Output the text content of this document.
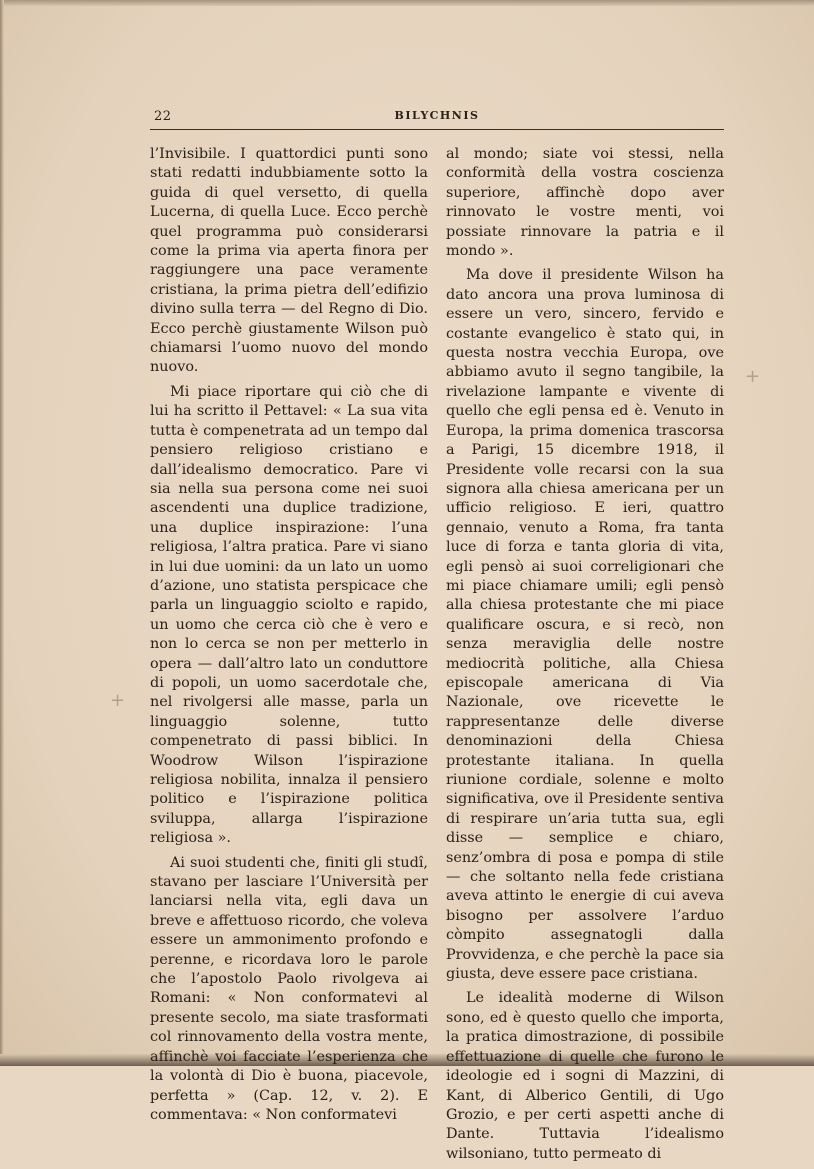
22	BILYCHNIS

l’Invisibile. I quattordici punti sono stati redatti indubbiamente sotto la guida di quel versetto, di quella Lucerna, di quella Luce. Ecco perchè quel programma può considerarsi come la prima via aperta finora per raggiungere una pace veramente cristiana, la prima pietra dell’edifizio divino sulla terra — del Regno di Dio. Ecco perchè giustamente Wilson può chiamarsi l’uomo nuovo del mondo nuovo.

Mi piace riportare qui ciò che di lui ha scritto il Pettavel: « La sua vita tutta è compenetrata ad un tempo dal pensiero religioso cristiano e dall’idealismo democratico. Pare vi sia nella sua persona come nei suoi ascendenti una duplice tradizione, una duplice inspirazione: l’una religiosa, l’altra pratica. Pare vi siano in lui due uomini: da un lato un uomo d’azione, uno statista perspicace che parla un linguaggio sciolto e rapido, un uomo che cerca ciò che è vero e non lo cerca se non per metterlo in opera — dall’altro lato un conduttore di popoli, un uomo sacerdotale che, nel rivolgersi alle masse, parla un linguaggio solenne, tutto compenetrato di passi biblici. In Woodrow Wilson l’ispirazione religiosa nobilita, innalza il pensiero politico e l’ispirazione politica sviluppa, allarga l’ispirazione religiosa ».

Ai suoi studenti che, finiti gli studî, stavano per lasciare l’Università per lanciarsi nella vita, egli dava un breve e affettuoso ricordo, che voleva essere un ammonimento profondo e perenne, e ricordava loro le parole che l’apostolo Paolo rivolgeva ai Romani: « Non conformatevi al presente secolo, ma siate trasformati col rinnovamento della vostra mente, affinchè voi facciate l’esperienza che la volontà di Dio è buona, piacevole, perfetta » (Cap. 12, v. 2). E commentava: « Non conformatevi

al mondo; siate voi stessi, nella conformità della vostra coscienza superiore, affinchè dopo aver rinnovato le vostre menti, voi possiate rinnovare la patria e il mondo ».

Ma dove il presidente Wilson ha dato ancora una prova luminosa di essere un vero, sincero, fervido e costante evangelico è stato qui, in questa nostra vecchia Europa, ove abbiamo avuto il segno tangibile, la rivelazione lampante e vivente di quello che egli pensa ed è. Venuto in Europa, la prima domenica trascorsa a Parigi, 15 dicembre 1918, il Presidente volle recarsi con la sua signora alla chiesa americana per un ufficio religioso. E ieri, quattro gennaio, venuto a Roma, fra tanta luce di forza e tanta gloria di vita, egli pensò ai suoi correligionari che mi piace chiamare umili; egli pensò alla chiesa protestante che mi piace qualificare oscura, e si recò, non senza meraviglia delle nostre mediocrità politiche, alla Chiesa episcopale americana di Via Nazionale, ove ricevette le rappresentanze delle diverse denominazioni della Chiesa protestante italiana. In quella riunione cordiale, solenne e molto significativa, ove il Presidente sentiva di respirare un’aria tutta sua, egli disse — semplice e chiaro, senz’ombra di posa e pompa di stile — che soltanto nella fede cristiana aveva attinto le energie di cui aveva bisogno per assolvere l’arduo còmpito assegnatogli dalla Provvidenza, e che perchè la pace sia giusta, deve essere pace cristiana.

Le idealità moderne di Wilson sono, ed è questo quello che importa, la pratica dimostrazione, di possibile effettuazione di quelle che furono le ideologie ed i sogni di Mazzini, di Kant, di Alberico Gentili, di Ugo Grozio, e per certi aspetti anche di Dante. Tuttavia l’idealismo wilsoniano, tutto permeato di

+
+
